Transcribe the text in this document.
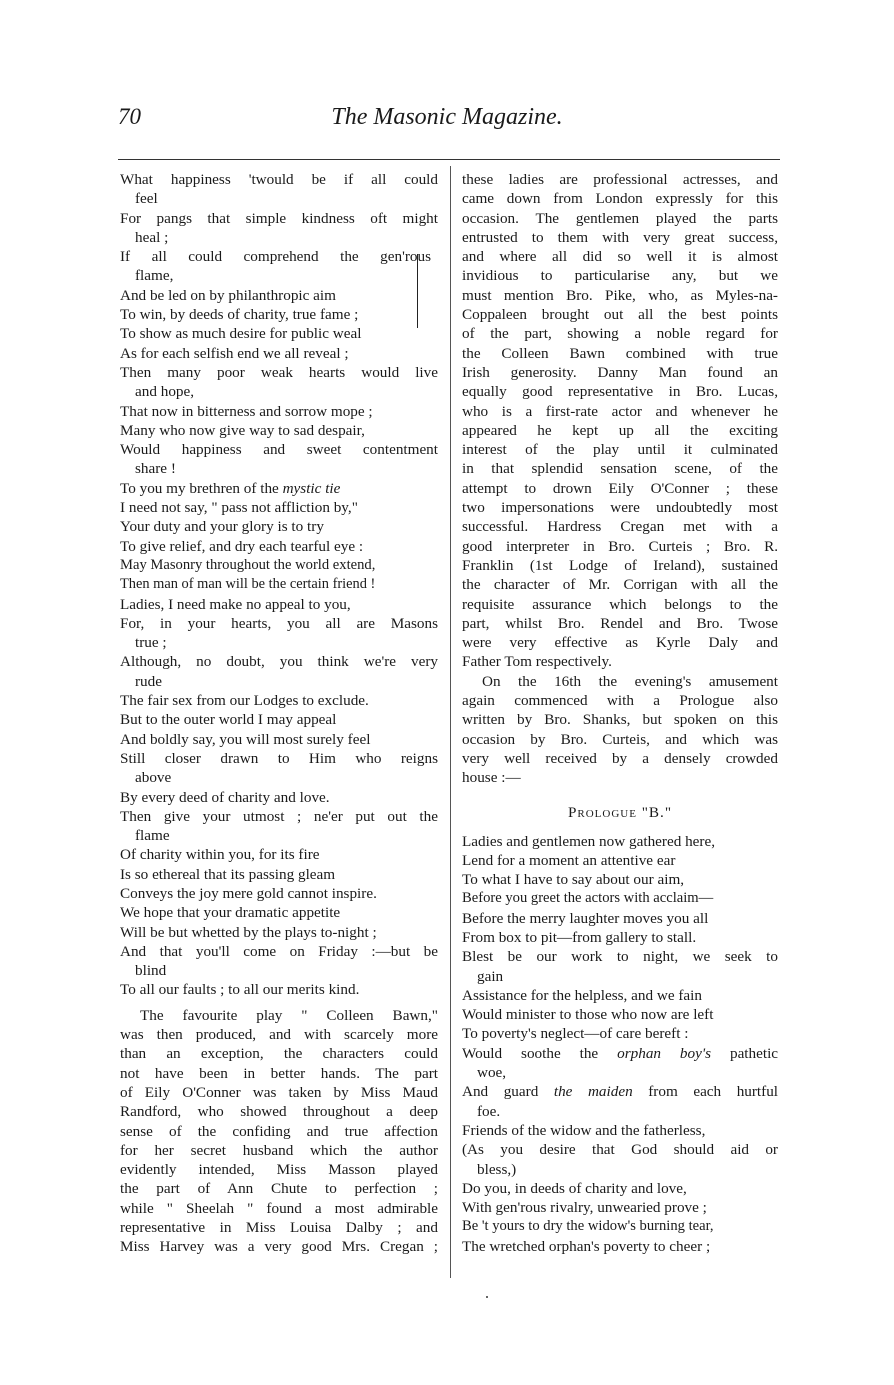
70	The Masonic Magazine.
What happiness 'twould be if all could
feel
For pangs that simple kindness oft might
heal ;
If all could comprehend the gen'rous
flame,
And be led on by philanthropic aim
To win, by deeds of charity, true fame ;
To show as much desire for public weal
As for each selfish end we all reveal ;
Then many poor weak hearts would live
and hope,
That now in bitterness and sorrow mope ;
Many who now give way to sad despair,
Would happiness and sweet contentment
share !
To you my brethren of the mystic tie
I need not say, " pass not affliction by,"
Your duty and your glory is to try
To give relief, and dry each tearful eye :
May Masonry throughout the world extend,
Then man of man will be the certain friend !
Ladies, I need make no appeal to you,
For, in your hearts, you all are Masons
true ;
Although, no doubt, you think we're very
rude
The fair sex from our Lodges to exclude.
But to the outer world I may appeal
And boldly say, you will most surely feel
Still closer drawn to Him who reigns
above
By every deed of charity and love.
Then give your utmost ; ne'er put out the
flame
Of charity within you, for its fire
Is so ethereal that its passing gleam
Conveys the joy mere gold cannot inspire.
We hope that your dramatic appetite
Will be but whetted by the plays to-night ;
And that you'll come on Friday :—but be
blind
To all our faults ; to all our merits kind.
The favourite play " Colleen Bawn,"
was then produced, and with scarcely more
than an exception, the characters could
not have been in better hands. The part
of Eily O'Conner was taken by Miss Maud
Randford, who showed throughout a deep
sense of the confiding and true affection
for her secret husband which the author
evidently intended, Miss Masson played
the part of Ann Chute to perfection ;
while " Sheelah " found a most admirable
representative in Miss Louisa Dalby ; and
Miss Harvey was a very good Mrs. Cregan ;
these ladies are professional actresses, and
came down from London expressly for this
occasion. The gentlemen played the parts
entrusted to them with very great success,
and where all did so well it is almost
invidious to particularise any, but we
must mention Bro. Pike, who, as Myles-na-
Coppaleen brought out all the best points
of the part, showing a noble regard for
the Colleen Bawn combined with true
Irish generosity. Danny Man found an
equally good representative in Bro. Lucas,
who is a first-rate actor and whenever he
appeared he kept up all the exciting
interest of the play until it culminated
in that splendid sensation scene, of the
attempt to drown Eily O'Conner ; these
two impersonations were undoubtedly most
successful. Hardress Cregan met with a
good interpreter in Bro. Curteis ; Bro. R.
Franklin (1st Lodge of Ireland), sustained
the character of Mr. Corrigan with all the
requisite assurance which belongs to the
part, whilst Bro. Rendel and Bro. Twose
were very effective as Kyrle Daly and
Father Tom respectively.
On the 16th the evening's amusement
again commenced with a Prologue also
written by Bro. Shanks, but spoken on this
occasion by Bro. Curteis, and which was
very well received by a densely crowded
house :—
Prologue "B."
Ladies and gentlemen now gathered here,
Lend for a moment an attentive ear
To what I have to say about our aim,
Before you greet the actors with acclaim—
Before the merry laughter moves you all
From box to pit—from gallery to stall.
Blest be our work to night, we seek to
gain
Assistance for the helpless, and we fain
Would minister to those who now are left
To poverty's neglect—of care bereft :
Would soothe the orphan boy's pathetic
woe,
And guard the maiden from each hurtful
foe.
Friends of the widow and the fatherless,
(As you desire that God should aid or
bless,)
Do you, in deeds of charity and love,
With gen'rous rivalry, unwearied prove ;
Be 't yours to dry the widow's burning tear,
The wretched orphan's poverty to cheer ;
